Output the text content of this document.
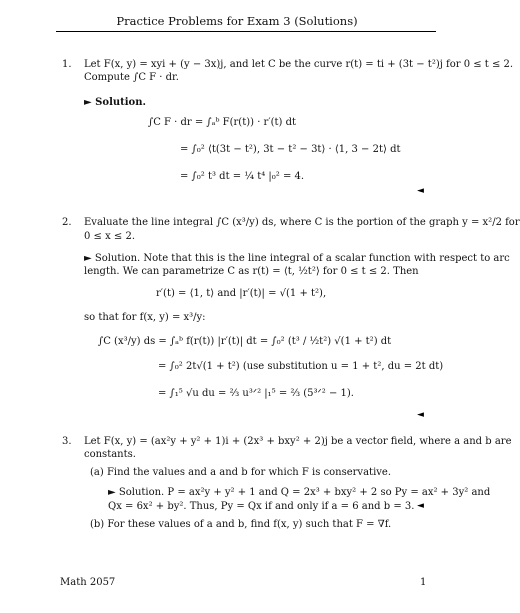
Practice Problems for Exam 3 (Solutions)
1. Let F(x, y) = xyi + (y − 3x)j, and let C be the curve r(t) = ti + (3t − t²)j for 0 ≤ t ≤ 2.
Compute ∫C F · dr.
► Solution.
∫C F · dr = ∫ₐᵇ F(r(t)) · r′(t) dt
= ∫₀² ⟨t(3t − t²), 3t − t² − 3t⟩ · ⟨1, 3 − 2t⟩ dt
= ∫₀² t³ dt = ¼ t⁴ |₀² = 4.
◄
2. Evaluate the line integral ∫C (x³/y) ds, where C is the portion of the graph y = x²/2 for
0 ≤ x ≤ 2.
► Solution. Note that this is the line integral of a scalar function with respect to arc
length. We can parametrize C as r(t) = ⟨t, ½t²⟩ for 0 ≤ t ≤ 2. Then
r′(t) = ⟨1, t⟩ and |r′(t)| = √(1 + t²),
so that for f(x, y) = x³/y:
∫C (x³/y) ds = ∫ₐᵇ f(r(t)) |r′(t)| dt = ∫₀² (t³ / ½t²) √(1 + t²) dt
= ∫₀² 2t√(1 + t²) (use substitution u = 1 + t², du = 2t dt)
= ∫₁⁵ √u du = ⅔ u³ᐟ² |₁⁵ = ⅔ (5³ᐟ² − 1).
◄
3. Let F(x, y) = (ax²y + y² + 1)i + (2x³ + bxy² + 2)j be a vector field, where a and b are
constants.
(a) Find the values and a and b for which F is conservative.
► Solution. P = ax²y + y² + 1 and Q = 2x³ + bxy² + 2 so Py = ax² + 3y² and
Qx = 6x² + by². Thus, Py = Qx if and only if a = 6 and b = 3. ◄
(b) For these values of a and b, find f(x, y) such that F = ∇f.
Math 2057	1
